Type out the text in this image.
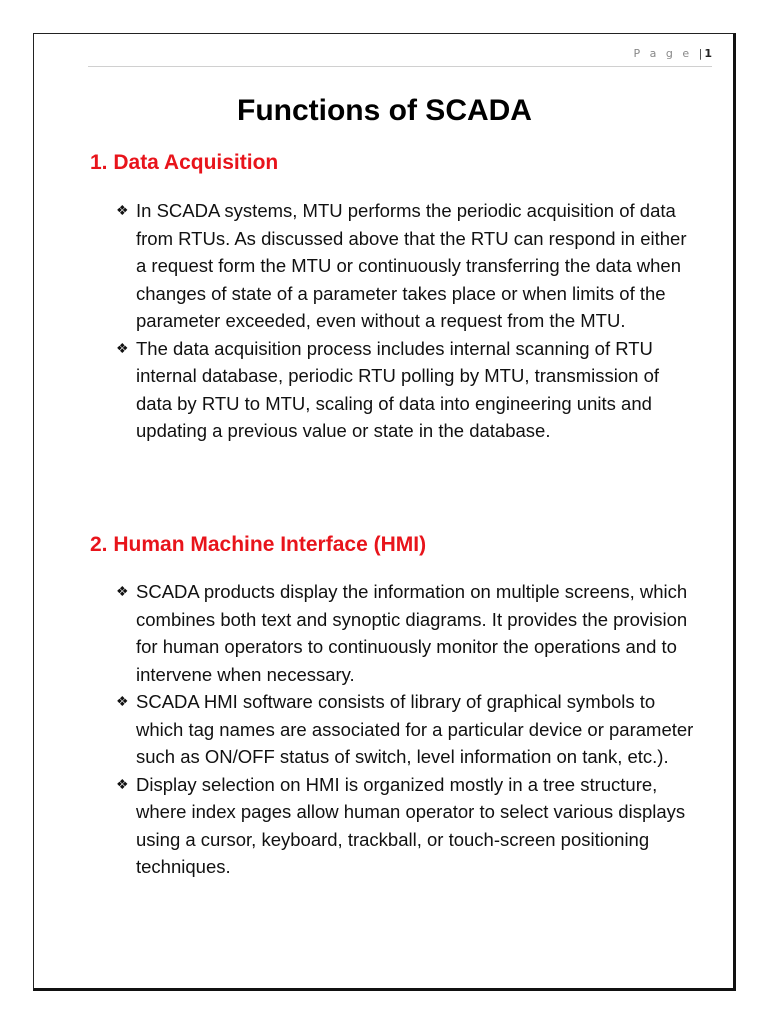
P a g e | 1
Functions of SCADA
1. Data Acquisition
❖ In SCADA systems, MTU performs the periodic acquisition of data from RTUs. As discussed above that the RTU can respond in either a request form the MTU or continuously transferring the data when changes of state of a parameter takes place or when limits of the parameter exceeded, even without a request from the MTU.
❖ The data acquisition process includes internal scanning of RTU internal database, periodic RTU polling by MTU, transmission of data by RTU to MTU, scaling of data into engineering units and updating a previous value or state in the database.
2. Human Machine Interface (HMI)
❖ SCADA products display the information on multiple screens, which combines both text and synoptic diagrams. It provides the provision for human operators to continuously monitor the operations and to intervene when necessary.
❖ SCADA HMI software consists of library of graphical symbols to which tag names are associated for a particular device or parameter such as ON/OFF status of switch, level information on tank, etc.).
❖ Display selection on HMI is organized mostly in a tree structure, where index pages allow human operator to select various displays using a cursor, keyboard, trackball, or touch-screen positioning techniques.
